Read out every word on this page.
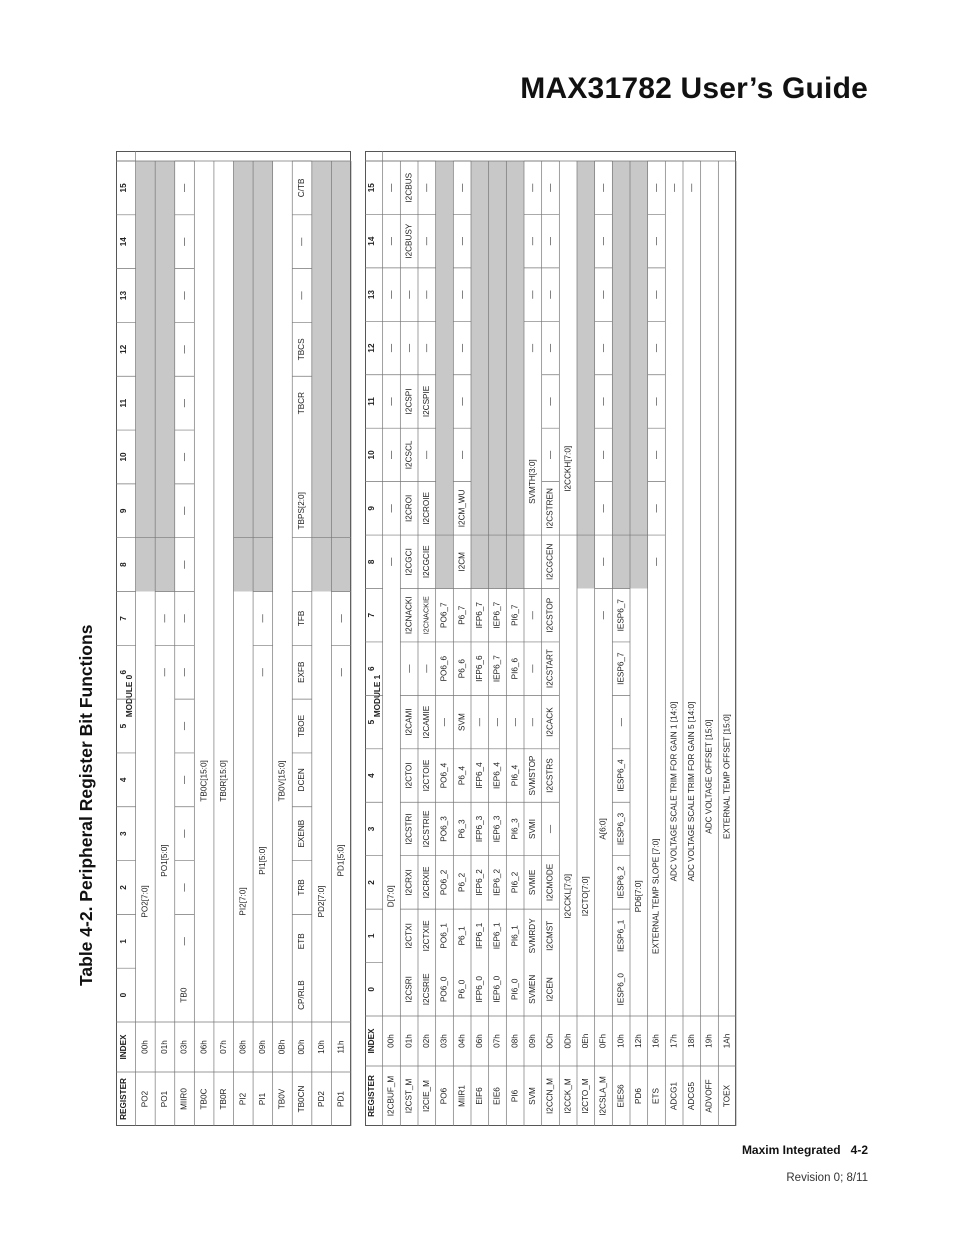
MAX31782 User’s Guide
Table 4-2. Peripheral Register Bit Functions	MODULE 0
15
14
13
12
11
10
9
8
7
6
5
4
3
2
1
0
INDEX
REGISTER PO2
00h
PO2[7:0]
PO1
01h
PO1[5:0]
—
—
MIIR0
03h
TB0
—
—
—
—
—
—
—
—
—
—
—
—
—
—
—
TB0C
06h
TB0C[15:0]
TB0R
07h
TB0R[15:0]
PI2
08h
PI2[7:0]
PI1
09h
PI1[5:0]
—
—
TB0V
0Bh
TB0V[15:0]
TB0CN
0Dh
C/TB
TBCS
TBCR
TBPS[2:0]
TFB
EXFB
TBOE
DCEN
EXENB
TRB
ETB
CP/RLB
—
—
PD2
10h
PD2[7:0]
PD1
11h
PD1[5:0]
—
—
MODULE 1
15
14
13
12
11
10
9
8
7
6
5
4
3
2
1
0
INDEX
REGISTER I2CBUF_M
00h
D[7:0]
—
—
—
—
—
—
—
—
I2CST_M
01h
I2CBUS
I2CBUSY
I2CSPI
I2CSCL
I2CROI
I2CGCI
I2CNACKI
I2CAMI
I2CTOI
I2CSTRI
I2CRXI
I2CTXI
I2CSRI
—
—
—
I2CIE_M
02h
I2CSPIE
I2CROIE
I2CGCIE
I2CNACKIE
I2CAMIE
I2CTOIE
I2CSTRIE
I2CRXIE
I2CTXIE
I2CSRIE
—
—
—
—
—
—
PO6
03h
PO6_7
PO6_6
PO6_4
PO6_3
PO6_2
PO6_1
PO6_0
—
MIIR1
04h
I2CM_WU
I2CM
P6_7
P6_6
SVM
P6_4
P6_3
P6_2
P6_1
P6_0
—
—
—
—
—
—
EIF6
06h
IFP6_7
IFP6_6
IFP6_4
IFP6_3
IFP6_2
IFP6_1
IFP6_0
—
EIE6
07h
IEP6_7
IEP6_7
IEP6_4
IEP6_3
IEP6_2
IEP6_1
IEP6_0
—
PI6
08h
PI6_7
PI6_6
PI6_4
PI6_3
PI6_2
PI6_1
PI6_0
—
SVM
09h
SVMTH[3:0]
SVMSTOP
SVMI
SVMIE
SVMRDY
SVMEN
—
—
—
—
—
—
—
I2CCN_M
0Ch
I2CSTREN
I2CGCEN
I2CSTOP
I2CSTART
I2CACK
I2CSTRS
I2CMODE
I2CMST
I2CEN
—
—
—
—
—
—
—
I2CCK_M
0Dh
I2CCKH[7:0]
I2CCKL[7:0]
I2CTO_M
0Eh
I2CTO[7:0]
I2CSLA_M
0Fh
A[6:0]
—
—
—
—
—
—
—
—
—
EIES6
10h
IESP6_7
IESP6_7
IESP6_4
IESP6_3
IESP6_2
IESP6_1
IESP6_0
—
PD6
12h
PD6[7:0]
ETS
16h
EXTERNAL TEMP SLOPE [7:0]
—
—
—
—
—
—
—
—
ADCG1
17h
ADC VOLTAGE SCALE TRIM FOR GAIN 1 [14:0]
—
ADCG5
18h
ADC VOLTAGE SCALE TRIM FOR GAIN 5 [14:0]
—
ADVOFF
19h
ADC VOLTAGE OFFSET [15:0]
TOEX
1Ah
EXTERNAL TEMP OFFSET [15:0]
Maxim Integrated 4-2
Revision 0; 8/11
